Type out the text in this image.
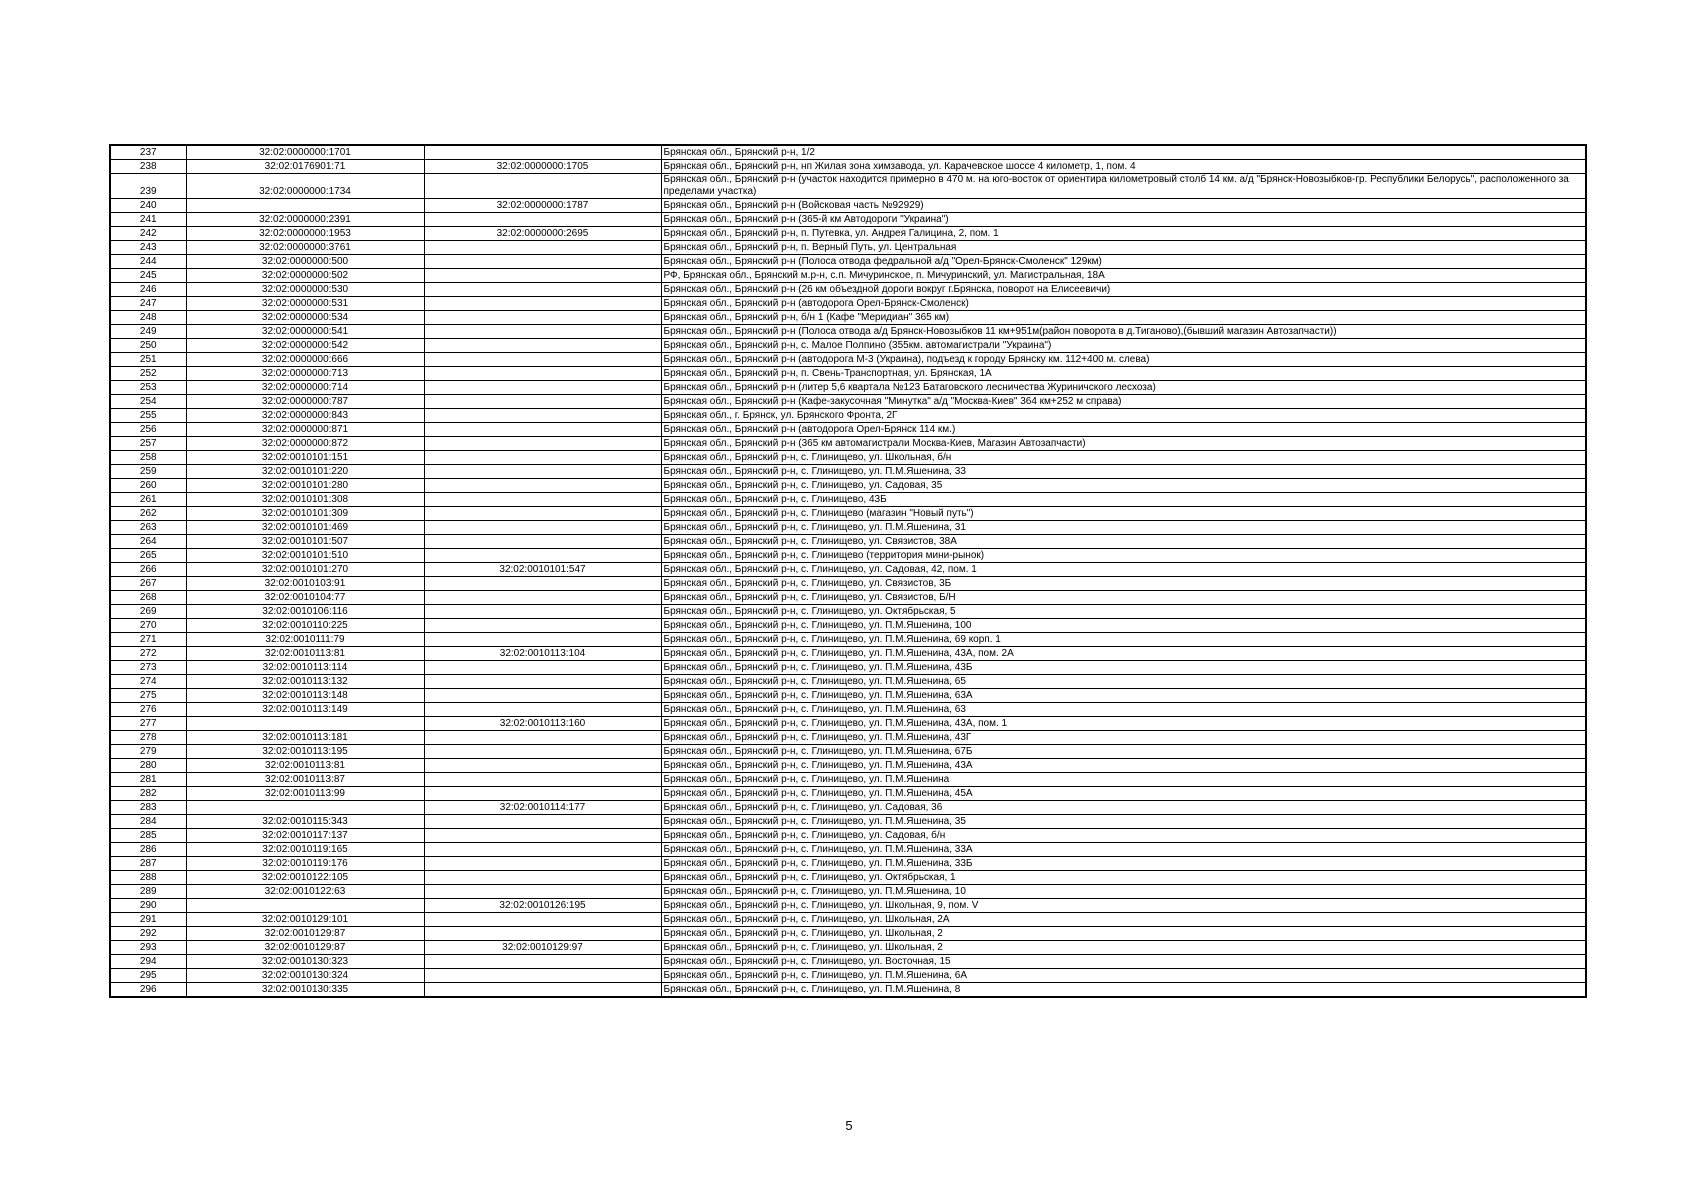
237	32:02:0000000:1701		Брянская обл., Брянский р-н, 1/2
238	32:02:0176901:71	32:02:0000000:1705	Брянская обл., Брянский р-н, нп Жилая зона химзавода, ул. Карачевское шоссе 4 километр, 1, пом. 4
239	32:02:0000000:1734		Брянская обл., Брянский р-н (участок находится примерно в 470 м. на юго-восток от ориентира километровый столб 14 км. а/д "Брянск-Новозыбков-гр. Республики Белорусь", расположенного за пределами участка)
240		32:02:0000000:1787	Брянская обл., Брянский р-н (Войсковая часть №92929)
241	32:02:0000000:2391		Брянская обл., Брянский р-н (365-й км Автодороги "Украина")
242	32:02:0000000:1953	32:02:0000000:2695	Брянская обл., Брянский р-н, п. Путевка, ул. Андрея Галицина, 2, пом. 1
243	32:02:0000000:3761		Брянская обл., Брянский р-н, п. Верный Путь, ул. Центральная
244	32:02:0000000:500		Брянская обл., Брянский р-н (Полоса отвода федральной а/д "Орел-Брянск-Смоленск" 129км)
245	32:02:0000000:502		РФ, Брянская обл., Брянский м.р-н, с.п. Мичуринское, п. Мичуринский, ул. Магистральная, 18А
246	32:02:0000000:530		Брянская обл., Брянский р-н (26 км объездной дороги вокруг г.Брянска, поворот на Елисеевичи)
247	32:02:0000000:531		Брянская обл., Брянский р-н (автодорога Орел-Брянск-Смоленск)
248	32:02:0000000:534		Брянская обл., Брянский р-н, б/н 1 (Кафе "Меридиан" 365 км)
249	32:02:0000000:541		Брянская обл., Брянский р-н (Полоса отвода а/д Брянск-Новозыбков 11 км+951м(район поворота в д.Тиганово),(бывший магазин Автозапчасти))
250	32:02:0000000:542		Брянская обл., Брянский р-н, с. Малое Полпино (355км. автомагистрали "Украина")
251	32:02:0000000:666		Брянская обл., Брянский р-н (автодорога М-3 (Украина), подъезд к городу Брянску км. 112+400 м. слева)
252	32:02:0000000:713		Брянская обл., Брянский р-н, п. Свень-Транспортная, ул. Брянская, 1А
253	32:02:0000000:714		Брянская обл., Брянский р-н (литер 5,6 квартала №123 Батаговского лесничества Журиничского лесхоза)
254	32:02:0000000:787		Брянская обл., Брянский р-н (Кафе-закусочная "Минутка" а/д "Москва-Киев" 364 км+252 м справа)
255	32:02:0000000:843		Брянская обл., г. Брянск, ул. Брянского Фронта, 2Г
256	32:02:0000000:871		Брянская обл., Брянский р-н (автодорога Орел-Брянск 114 км.)
257	32:02:0000000:872		Брянская обл., Брянский р-н (365 км автомагистрали Москва-Киев, Магазин Автозапчасти)
258	32:02:0010101:151		Брянская обл., Брянский р-н, с. Глинищево, ул. Школьная, б/н
259	32:02:0010101:220		Брянская обл., Брянский р-н, с. Глинищево, ул. П.М.Яшенина, 33
260	32:02:0010101:280		Брянская обл., Брянский р-н, с. Глинищево, ул. Садовая, 35
261	32:02:0010101:308		Брянская обл., Брянский р-н, с. Глинищево, 43Б
262	32:02:0010101:309		Брянская обл., Брянский р-н, с. Глинищево (магазин "Новый путь")
263	32:02:0010101:469		Брянская обл., Брянский р-н, с. Глинищево, ул. П.М.Яшенина, 31
264	32:02:0010101:507		Брянская обл., Брянский р-н, с. Глинищево, ул. Связистов, 38А
265	32:02:0010101:510		Брянская обл., Брянский р-н, с. Глинищево (территория мини-рынок)
266	32:02:0010101:270	32:02:0010101:547	Брянская обл., Брянский р-н, с. Глинищево, ул. Садовая, 42, пом. 1
267	32:02:0010103:91		Брянская обл., Брянский р-н, с. Глинищево, ул. Связистов, 3Б
268	32:02:0010104:77		Брянская обл., Брянский р-н, с. Глинищево, ул. Связистов, Б/Н
269	32:02:0010106:116		Брянская обл., Брянский р-н, с. Глинищево, ул. Октябрьская, 5
270	32:02:0010110:225		Брянская обл., Брянский р-н, с. Глинищево, ул. П.М.Яшенина, 100
271	32:02:0010111:79		Брянская обл., Брянский р-н, с. Глинищево, ул. П.М.Яшенина, 69 корп. 1
272	32:02:0010113:81	32:02:0010113:104	Брянская обл., Брянский р-н, с. Глинищево, ул. П.М.Яшенина, 43А, пом. 2А
273	32:02:0010113:114		Брянская обл., Брянский р-н, с. Глинищево, ул. П.М.Яшенина, 43Б
274	32:02:0010113:132		Брянская обл., Брянский р-н, с. Глинищево, ул. П.М.Яшенина, 65
275	32:02:0010113:148		Брянская обл., Брянский р-н, с. Глинищево, ул. П.М.Яшенина, 63А
276	32:02:0010113:149		Брянская обл., Брянский р-н, с. Глинищево, ул. П.М.Яшенина, 63
277		32:02:0010113:160	Брянская обл., Брянский р-н, с. Глинищево, ул. П.М.Яшенина, 43А, пом. 1
278	32:02:0010113:181		Брянская обл., Брянский р-н, с. Глинищево, ул. П.М.Яшенина, 43Г
279	32:02:0010113:195		Брянская обл., Брянский р-н, с. Глинищево, ул. П.М.Яшенина, 67Б
280	32:02:0010113:81		Брянская обл., Брянский р-н, с. Глинищево, ул. П.М.Яшенина, 43А
281	32:02:0010113:87		Брянская обл., Брянский р-н, с. Глинищево, ул. П.М.Яшенина
282	32:02:0010113:99		Брянская обл., Брянский р-н, с. Глинищево, ул. П.М.Яшенина, 45А
283		32:02:0010114:177	Брянская обл., Брянский р-н, с. Глинищево, ул. Садовая, 36
284	32:02:0010115:343		Брянская обл., Брянский р-н, с. Глинищево, ул. П.М.Яшенина, 35
285	32:02:0010117:137		Брянская обл., Брянский р-н, с. Глинищево, ул. Садовая, б/н
286	32:02:0010119:165		Брянская обл., Брянский р-н, с. Глинищево, ул. П.М.Яшенина, 33А
287	32:02:0010119:176		Брянская обл., Брянский р-н, с. Глинищево, ул. П.М.Яшенина, 33Б
288	32:02:0010122:105		Брянская обл., Брянский р-н, с. Глинищево, ул. Октябрьская, 1
289	32:02:0010122:63		Брянская обл., Брянский р-н, с. Глинищево, ул. П.М.Яшенина, 10
290		32:02:0010126:195	Брянская обл., Брянский р-н, с. Глинищево, ул. Школьная, 9, пом. V
291	32:02:0010129:101		Брянская обл., Брянский р-н, с. Глинищево, ул. Школьная, 2А
292	32:02:0010129:87		Брянская обл., Брянский р-н, с. Глинищево, ул. Школьная, 2
293	32:02:0010129:87	32:02:0010129:97	Брянская обл., Брянский р-н, с. Глинищево, ул. Школьная, 2
294	32:02:0010130:323		Брянская обл., Брянский р-н, с. Глинищево, ул. Восточная, 15
295	32:02:0010130:324		Брянская обл., Брянский р-н, с. Глинищево, ул. П.М.Яшенина, 6А
296	32:02:0010130:335		Брянская обл., Брянский р-н, с. Глинищево, ул. П.М.Яшенина, 8
5
